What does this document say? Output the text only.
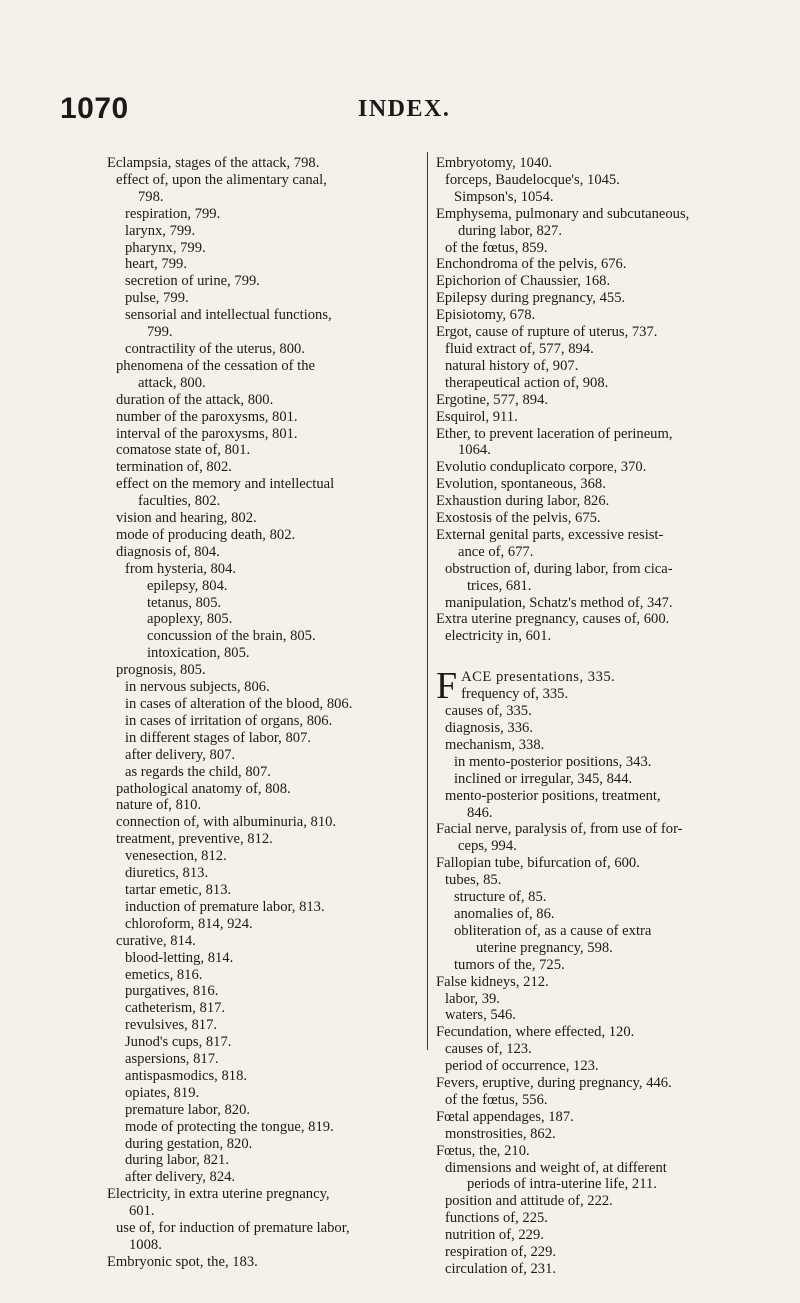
1070	INDEX.
Eclampsia, stages of the attack, 798.
effect of, upon the alimentary canal,
798.
respiration, 799.
larynx, 799.
pharynx, 799.
heart, 799.
secretion of urine, 799.
pulse, 799.
sensorial and intellectual functions,
799.
contractility of the uterus, 800.
phenomena of the cessation of the
attack, 800.
duration of the attack, 800.
number of the paroxysms, 801.
interval of the paroxysms, 801.
comatose state of, 801.
termination of, 802.
effect on the memory and intellectual
faculties, 802.
vision and hearing, 802.
mode of producing death, 802.
diagnosis of, 804.
from hysteria, 804.
epilepsy, 804.
tetanus, 805.
apoplexy, 805.
concussion of the brain, 805.
intoxication, 805.
prognosis, 805.
in nervous subjects, 806.
in cases of alteration of the blood, 806.
in cases of irritation of organs, 806.
in different stages of labor, 807.
after delivery, 807.
as regards the child, 807.
pathological anatomy of, 808.
nature of, 810.
connection of, with albuminuria, 810.
treatment, preventive, 812.
venesection, 812.
diuretics, 813.
tartar emetic, 813.
induction of premature labor, 813.
chloroform, 814, 924.
curative, 814.
blood-letting, 814.
emetics, 816.
purgatives, 816.
catheterism, 817.
revulsives, 817.
Junod's cups, 817.
aspersions, 817.
antispasmodics, 818.
opiates, 819.
premature labor, 820.
mode of protecting the tongue, 819.
during gestation, 820.
during labor, 821.
after delivery, 824.
Electricity, in extra uterine pregnancy,
601.
use of, for induction of premature labor,
1008.
Embryonic spot, the, 183.
Embryotomy, 1040.
forceps, Baudelocque's, 1045.
Simpson's, 1054.
Emphysema, pulmonary and subcutaneous,
during labor, 827.
of the fœtus, 859.
Enchondroma of the pelvis, 676.
Epichorion of Chaussier, 168.
Epilepsy during pregnancy, 455.
Episiotomy, 678.
Ergot, cause of rupture of uterus, 737.
fluid extract of, 577, 894.
natural history of, 907.
therapeutical action of, 908.
Ergotine, 577, 894.
Esquirol, 911.
Ether, to prevent laceration of perineum,
1064.
Evolutio conduplicato corpore, 370.
Evolution, spontaneous, 368.
Exhaustion during labor, 826.
Exostosis of the pelvis, 675.
External genital parts, excessive resist-
ance of, 677.
obstruction of, during labor, from cica-
trices, 681.
manipulation, Schatz's method of, 347.
Extra uterine pregnancy, causes of, 600.
electricity in, 601.
F ACE presentations, 335.
frequency of, 335.
causes of, 335.
diagnosis, 336.
mechanism, 338.
in mento-posterior positions, 343.
inclined or irregular, 345, 844.
mento-posterior positions, treatment,
846.
Facial nerve, paralysis of, from use of for-
ceps, 994.
Fallopian tube, bifurcation of, 600.
tubes, 85.
structure of, 85.
anomalies of, 86.
obliteration of, as a cause of extra
uterine pregnancy, 598.
tumors of the, 725.
False kidneys, 212.
labor, 39.
waters, 546.
Fecundation, where effected, 120.
causes of, 123.
period of occurrence, 123.
Fevers, eruptive, during pregnancy, 446.
of the fœtus, 556.
Fœtal appendages, 187.
monstrosities, 862.
Fœtus, the, 210.
dimensions and weight of, at different
periods of intra-uterine life, 211.
position and attitude of, 222.
functions of, 225.
nutrition of, 229.
respiration of, 229.
circulation of, 231.
